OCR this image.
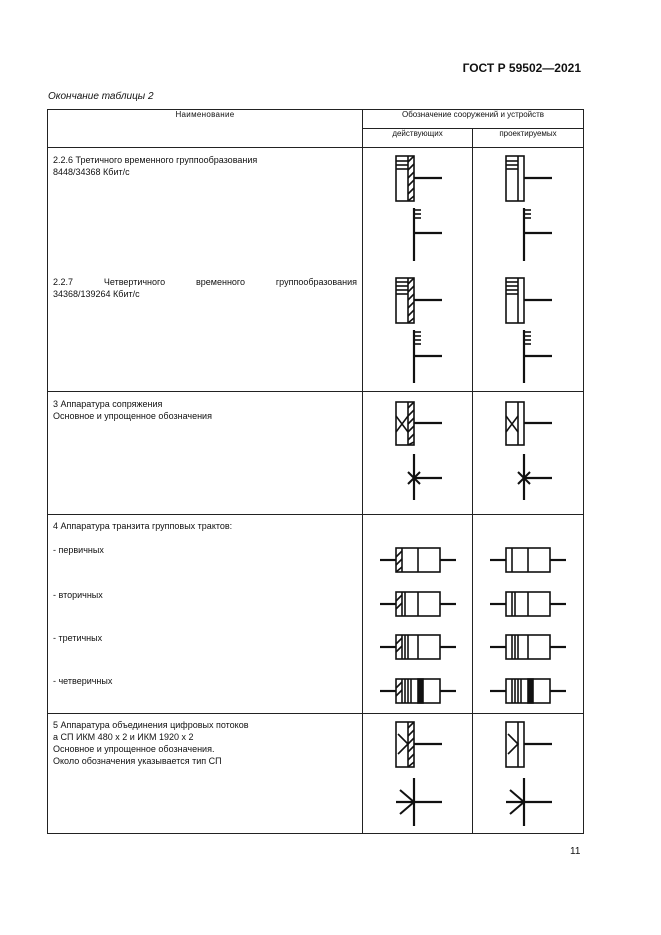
ГОСТ Р 59502—2021
Окончание таблицы 2
Наименование	Обозначение сооружений и устройств	
	действующих	проектируемых

2.2.6 Третичного временного группообразования
8448/34368 Кбит/с
2.2.7 Четвертичного временного группообразования
34368/139264 Кбит/с

3 Аппаратура сопряжения
Основное и упрощенное обозначения

4 Аппаратура транзита групповых трактов:
- первичных
- вторичных
- третичных
- четверичных

5 Аппаратура объединения цифровых потоков
а СП ИКМ 480 х 2 и ИКМ 1920 х 2
Основное и упрощенное обозначения.
Около обозначения указывается тип СП

11
